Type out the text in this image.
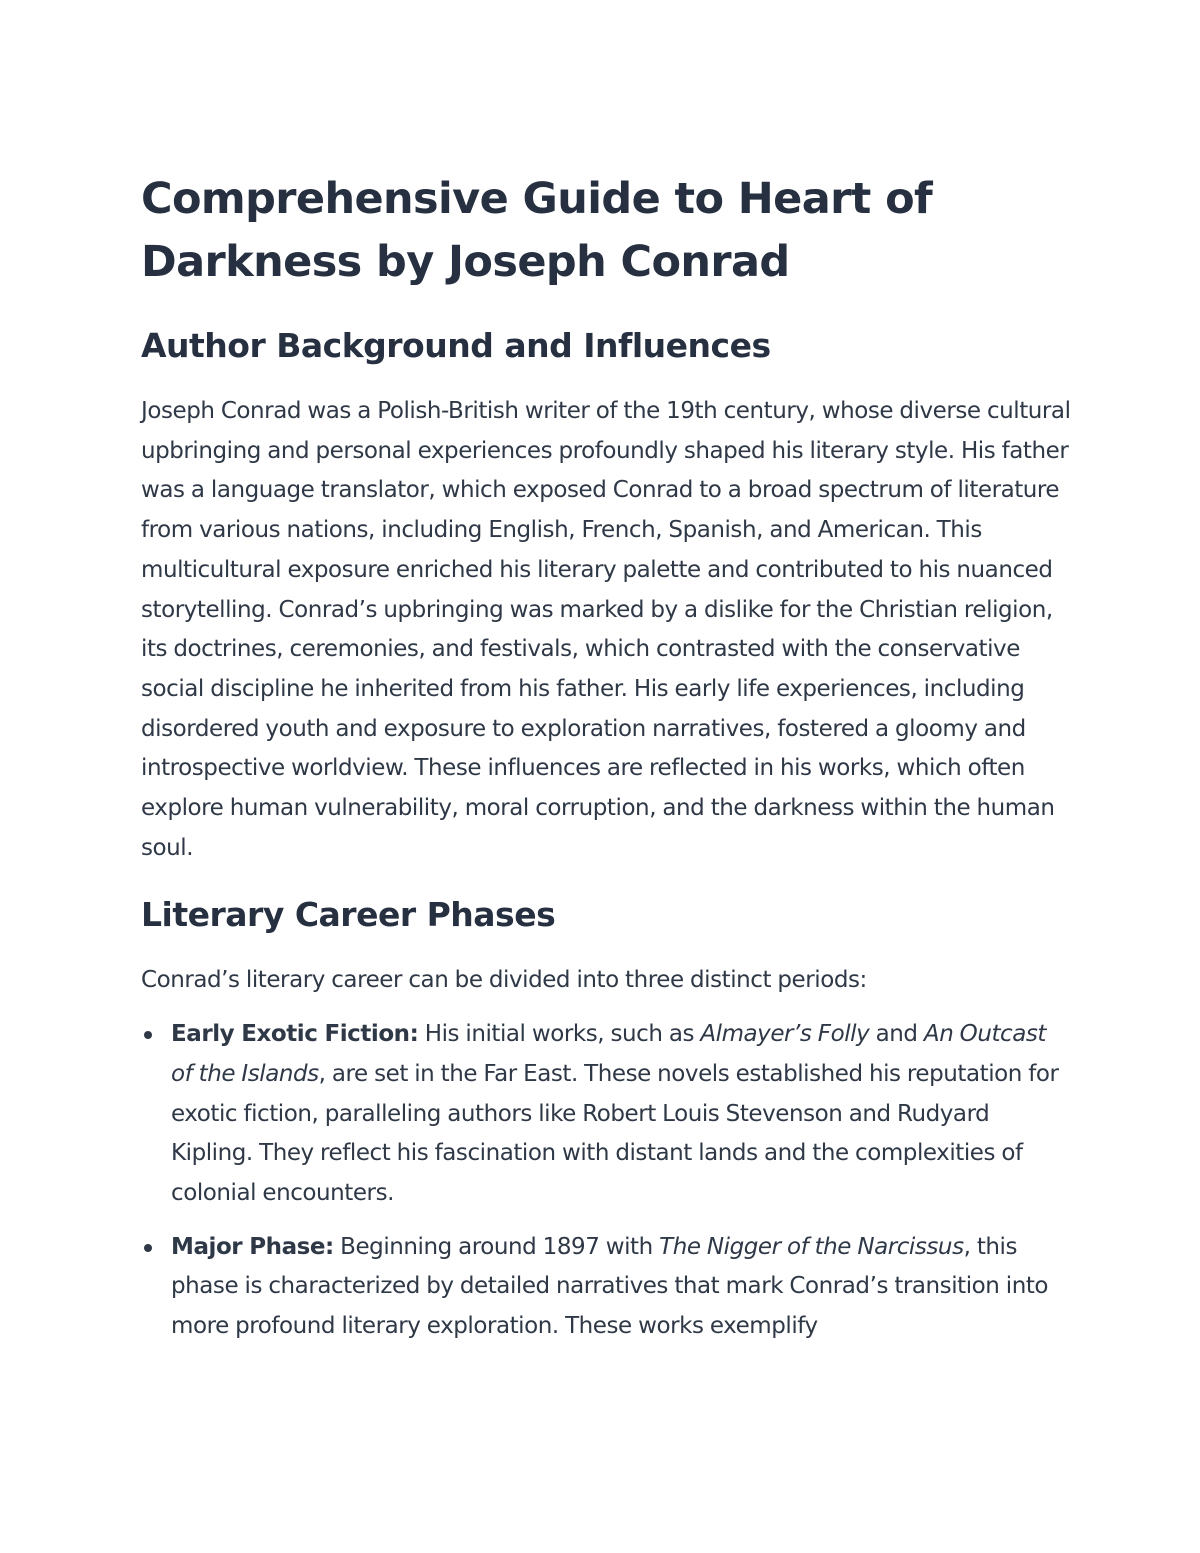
Comprehensive Guide to Heart of
Darkness by Joseph Conrad
Author Background and Influences

Joseph Conrad was a Polish-British writer of the 19th century, whose diverse cultural upbringing and personal experiences profoundly shaped his literary style. His father was a language translator, which exposed Conrad to a broad spectrum of literature from various nations, including English, French, Spanish, and American. This multicultural exposure enriched his literary palette and contributed to his nuanced storytelling. Conrad’s upbringing was marked by a dislike for the Christian religion, its doctrines, ceremonies, and festivals, which contrasted with the conservative social discipline he inherited from his father. His early life experiences, including disordered youth and exposure to exploration narratives, fostered a gloomy and introspective worldview. These influences are reflected in his works, which often explore human vulnerability, moral corruption, and the darkness within the human soul.

Literary Career Phases

Conrad’s literary career can be divided into three distinct periods:

Early Exotic Fiction: His initial works, such as Almayer’s Folly and An Outcast of the Islands, are set in the Far East. These novels established his reputation for exotic fiction, paralleling authors like Robert Louis Stevenson and Rudyard Kipling. They reflect his fascination with distant lands and the complexities of colonial encounters.
Major Phase: Beginning around 1897 with The Nigger of the Narcissus, this phase is characterized by detailed narratives that mark Conrad’s transition into more profound literary exploration. These works exemplify
